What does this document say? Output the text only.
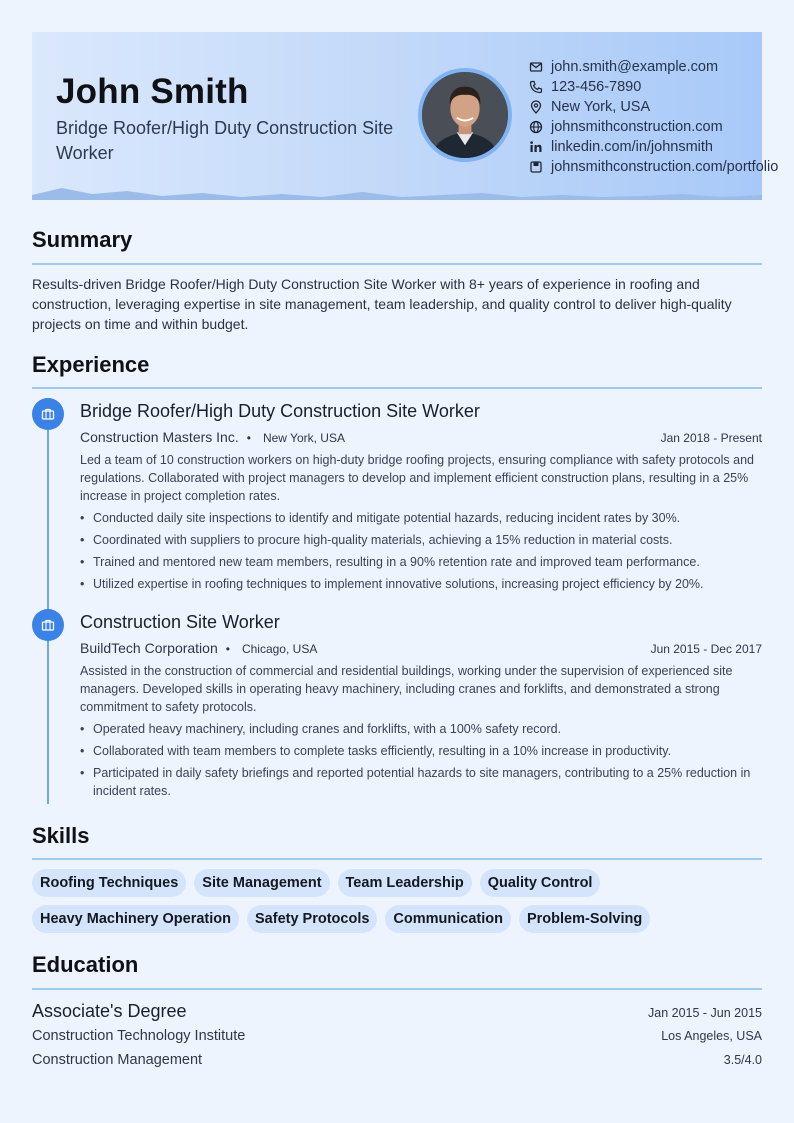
John Smith
Bridge Roofer/High Duty Construction Site Worker
john.smith@example.com
123-456-7890
New York, USA
johnsmithconstruction.com
linkedin.com/in/johnsmith
johnsmithconstruction.com/portfolio
Summary
Results-driven Bridge Roofer/High Duty Construction Site Worker with 8+ years of experience in roofing and construction, leveraging expertise in site management, team leadership, and quality control to deliver high-quality projects on time and within budget.
Experience
Bridge Roofer/High Duty Construction Site Worker
Construction Masters Inc. • New York, USA	Jan 2018 - Present
Led a team of 10 construction workers on high-duty bridge roofing projects, ensuring compliance with safety protocols and regulations. Collaborated with project managers to develop and implement efficient construction plans, resulting in a 25% increase in project completion rates.
• Conducted daily site inspections to identify and mitigate potential hazards, reducing incident rates by 30%.
• Coordinated with suppliers to procure high-quality materials, achieving a 15% reduction in material costs.
• Trained and mentored new team members, resulting in a 90% retention rate and improved team performance.
• Utilized expertise in roofing techniques to implement innovative solutions, increasing project efficiency by 20%.
Construction Site Worker
BuildTech Corporation • Chicago, USA	Jun 2015 - Dec 2017
Assisted in the construction of commercial and residential buildings, working under the supervision of experienced site managers. Developed skills in operating heavy machinery, including cranes and forklifts, and demonstrated a strong commitment to safety protocols.
• Operated heavy machinery, including cranes and forklifts, with a 100% safety record.
• Collaborated with team members to complete tasks efficiently, resulting in a 10% increase in productivity.
• Participated in daily safety briefings and reported potential hazards to site managers, contributing to a 25% reduction in incident rates.
Skills
Roofing Techniques	Site Management	Team Leadership	Quality Control
Heavy Machinery Operation	Safety Protocols	Communication	Problem-Solving
Education
Associate's Degree	Jan 2015 - Jun 2015
Construction Technology Institute	Los Angeles, USA
Construction Management	3.5/4.0
